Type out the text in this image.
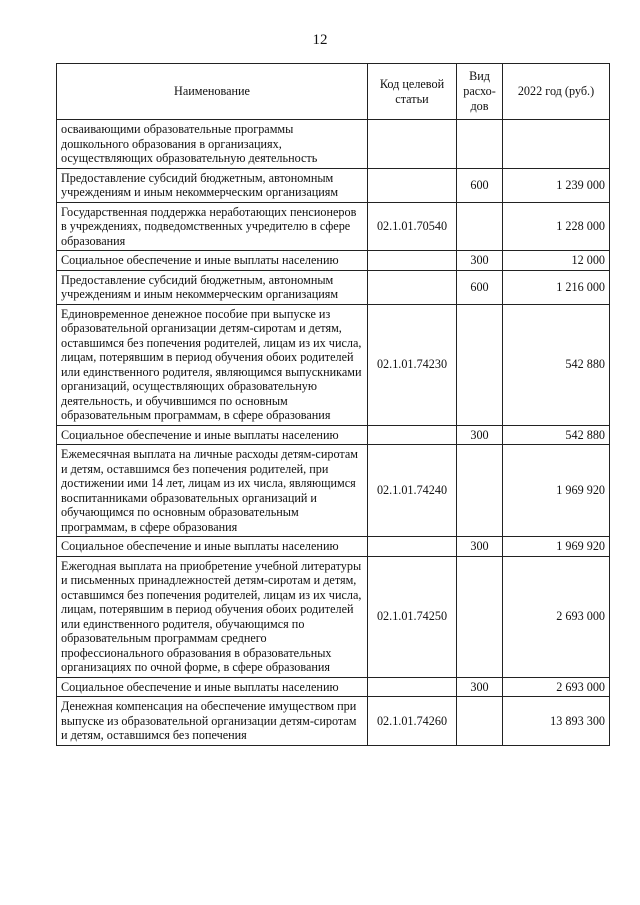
12
Наименование	Код целевой статьи	Вид расхо-дов	2022 год (руб.)
осваивающими образовательные программы дошкольного образования в организациях, осуществляющих образовательную деятельность			
Предоставление субсидий бюджетным, автономным учреждениям и иным некоммерческим организациям		600	1 239 000
Государственная поддержка неработающих пенсионеров в учреждениях, подведомственных учредителю в сфере образования	02.1.01.70540		1 228 000
Социальное обеспечение и иные выплаты населению		300	12 000
Предоставление субсидий бюджетным, автономным учреждениям и иным некоммерческим организациям		600	1 216 000
Единовременное денежное пособие при выпуске из образовательной организации детям-сиротам и детям, оставшимся без попечения родителей, лицам из их числа, лицам, потерявшим в период обучения обоих родителей или единственного родителя, являющимся выпускниками организаций, осуществляющих образовательную деятельность, и обучившимся по основным образовательным программам, в сфере образования	02.1.01.74230		542 880
Социальное обеспечение и иные выплаты населению		300	542 880
Ежемесячная выплата на личные расходы детям-сиротам и детям, оставшимся без попечения родителей, при достижении ими 14 лет, лицам из их числа, являющимся воспитанниками образовательных организаций и обучающимся по основным образовательным программам, в сфере образования	02.1.01.74240		1 969 920
Социальное обеспечение и иные выплаты населению		300	1 969 920
Ежегодная выплата на приобретение учебной литературы и письменных принадлежностей детям-сиротам и детям, оставшимся без попечения родителей, лицам из их числа, лицам, потерявшим в период обучения обоих родителей или единственного родителя, обучающимся по образовательным программам среднего профессионального образования в образовательных организациях по очной форме, в сфере образования	02.1.01.74250		2 693 000
Социальное обеспечение и иные выплаты населению		300	2 693 000
Денежная компенсация на обеспечение имуществом при выпуске из образовательной организации детям-сиротам и детям, оставшимся без попечения	02.1.01.74260		13 893 300
